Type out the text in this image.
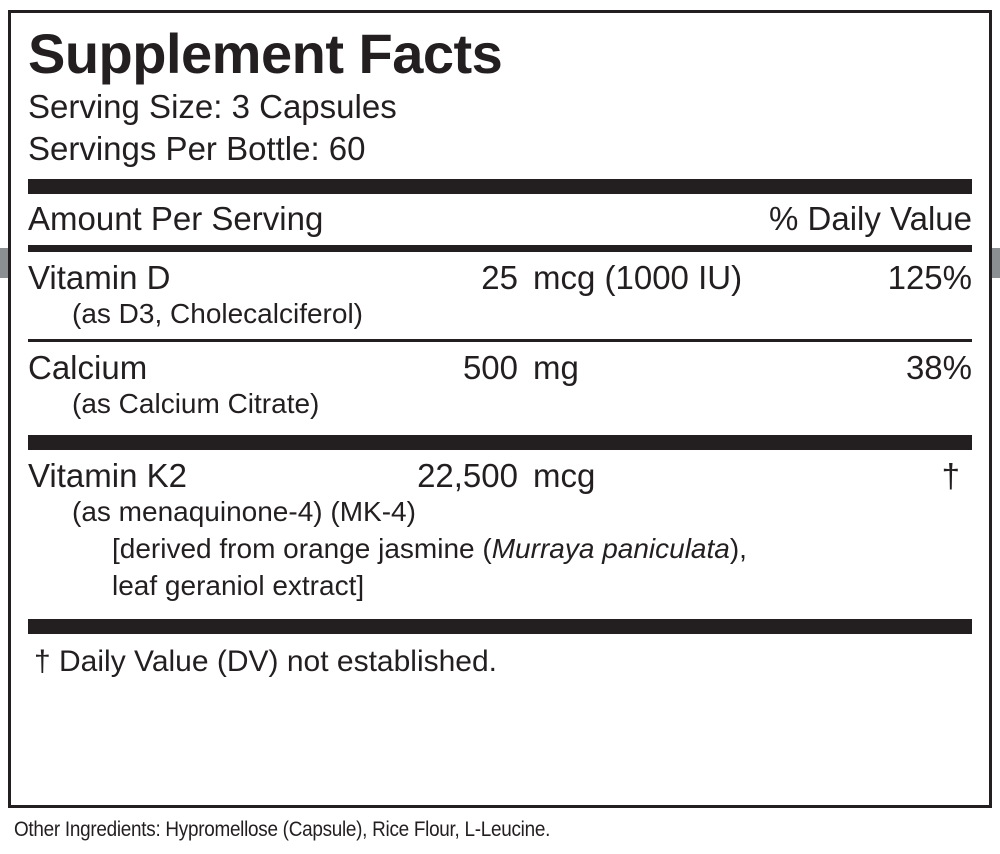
Supplement Facts
Serving Size: 3 Capsules
Servings Per Bottle: 60
Amount Per Serving	% Daily Value
Vitamin D	25 mcg (1000 IU)	125%
(as D3, Cholecalciferol)
Calcium	500 mg	38%
(as Calcium Citrate)
Vitamin K2	22,500 mcg	†
(as menaquinone-4) (MK-4)
[derived from orange jasmine (Murraya paniculata),
leaf geraniol extract]
† Daily Value (DV) not established.
Other Ingredients: Hypromellose (Capsule), Rice Flour, L-Leucine.
